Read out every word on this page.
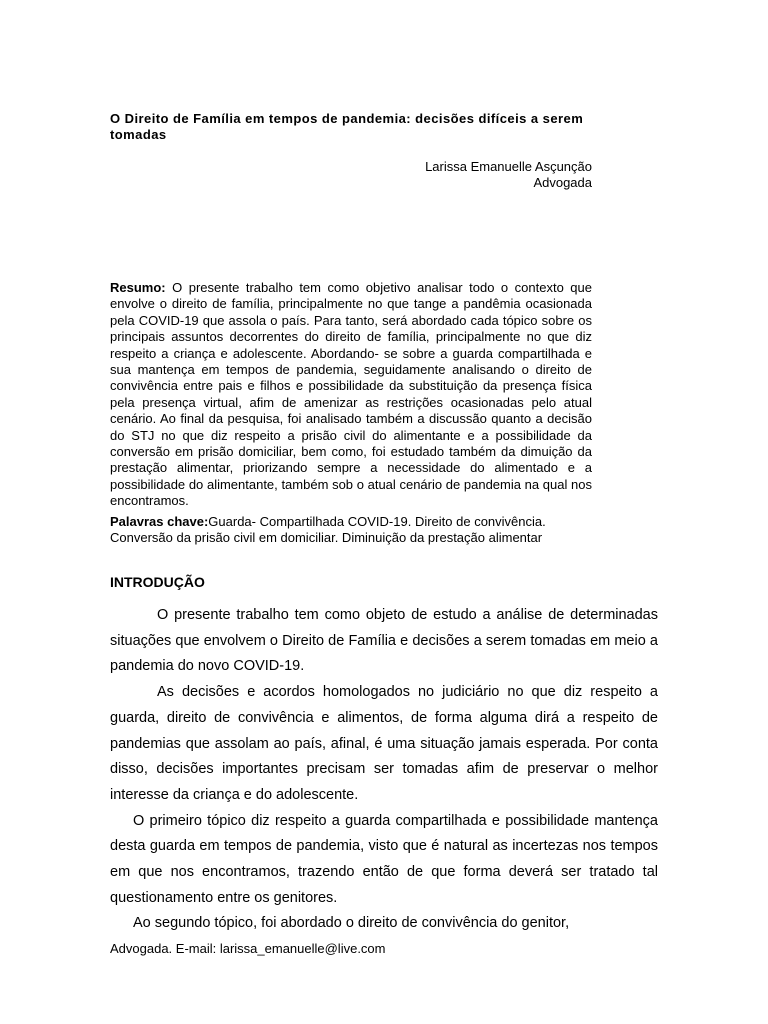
O Direito de Família em tempos de pandemia: decisões difíceis a serem tomadas
Larissa Emanuelle Asçunção
Advogada
Resumo: O presente trabalho tem como objetivo analisar todo o contexto que envolve o direito de família, principalmente no que tange a pandêmia ocasionada pela COVID-19 que assola o país. Para tanto, será abordado cada tópico sobre os principais assuntos decorrentes do direito de família, principalmente no que diz respeito a criança e adolescente. Abordando- se sobre a guarda compartilhada e sua mantença em tempos de pandemia, seguidamente analisando o direito de convivência entre pais e filhos e possibilidade da substituição da presença física pela presença virtual, afim de amenizar as restrições ocasionadas pelo atual cenário. Ao final da pesquisa, foi analisado também a discussão quanto a decisão do STJ no que diz respeito a prisão civil do alimentante e a possibilidade da conversão em prisão domiciliar, bem como, foi estudado também da dimuição da prestação alimentar, priorizando sempre a necessidade do alimentado e a possibilidade do alimentante, também sob o atual cenário de pandemia na qual nos encontramos.
Palavras chave:Guarda- Compartilhada COVID-19. Direito de convivência. Conversão da prisão civil em domiciliar. Diminuição da prestação alimentar
INTRODUÇÃO

O presente trabalho tem como objeto de estudo a análise de determinadas situações que envolvem o Direito de Família e decisões a serem tomadas em meio a pandemia do novo COVID-19.

As decisões e acordos homologados no judiciário no que diz respeito a guarda, direito de convivência e alimentos, de forma alguma dirá a respeito de pandemias que assolam ao país, afinal, é uma situação jamais esperada. Por conta disso, decisões importantes precisam ser tomadas afim de preservar o melhor interesse da criança e do adolescente.

O primeiro tópico diz respeito a guarda compartilhada e possibilidade mantença desta guarda em tempos de pandemia, visto que é natural as incertezas nos tempos em que nos encontramos, trazendo então de que forma deverá ser tratado tal questionamento entre os genitores.

Ao segundo tópico, foi abordado o direito de convivência do genitor,

Advogada. E-mail: larissa_emanuelle@live.com
